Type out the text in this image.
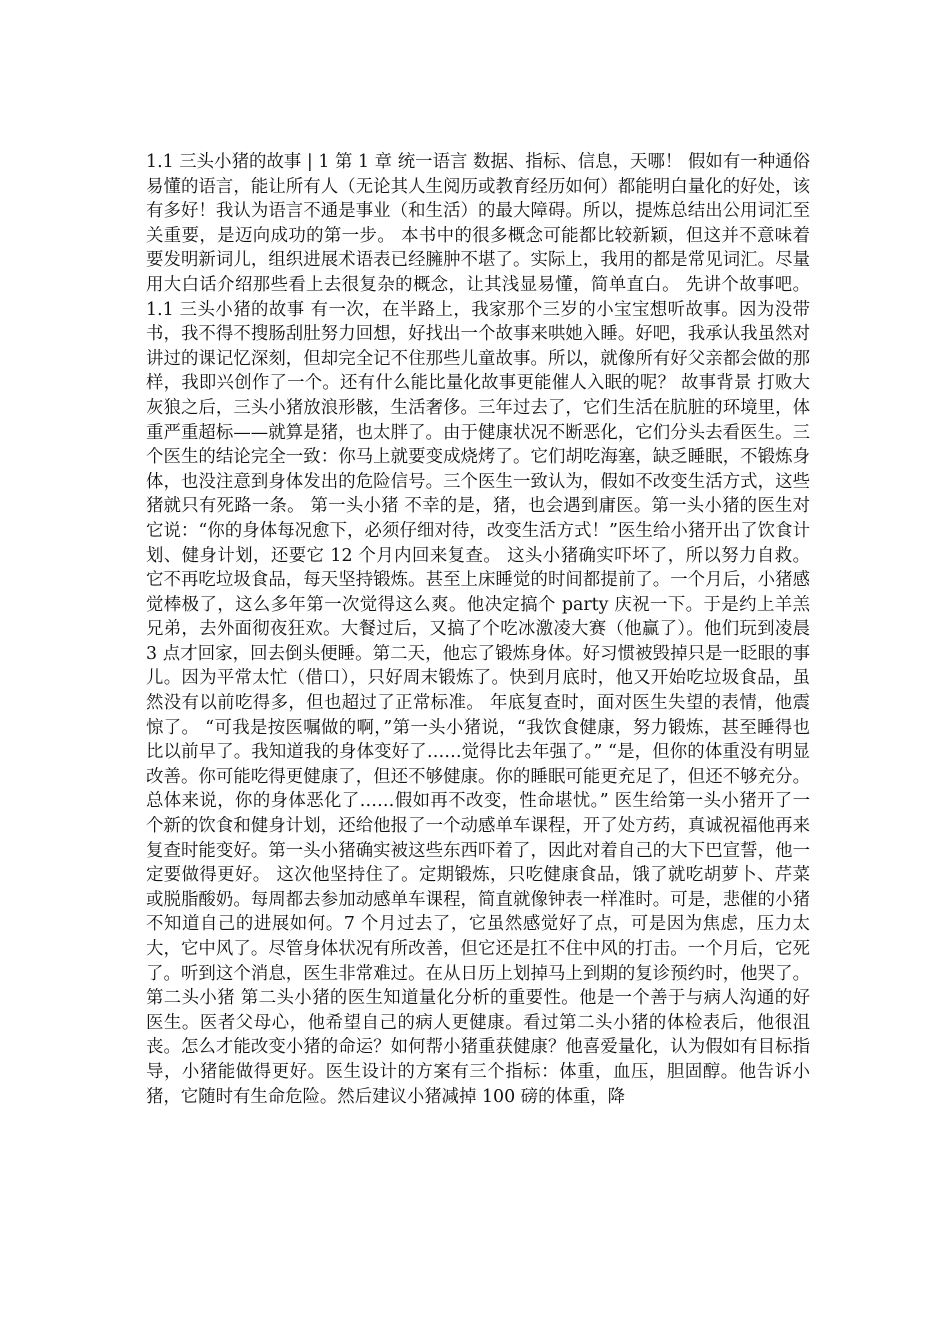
1.1 三头小猪的故事 | 1 第 1 章 统一语言 数据、指标、信息，天哪！ 假如有一种通俗易懂的语言，能让所有人（无论其人生阅历或教育经历如何）都能明白量化的好处，该有多好！我认为语言不通是事业（和生活）的最大障碍。所以，提炼总结出公用词汇至关重要，是迈向成功的第一步。 本书中的很多概念可能都比较新颖，但这并不意味着要发明新词儿，组织进展术语表已经臃肿不堪了。实际上，我用的都是常见词汇。尽量用大白话介绍那些看上去很复杂的概念，让其浅显易懂，简单直白。 先讲个故事吧。 1.1 三头小猪的故事 有一次，在半路上，我家那个三岁的小宝宝想听故事。因为没带书，我不得不搜肠刮肚努力回想，好找出一个故事来哄她入睡。好吧，我承认我虽然对讲过的课记忆深刻，但却完全记不住那些儿童故事。所以，就像所有好父亲都会做的那样，我即兴创作了一个。还有什么能比量化故事更能催人入眠的呢？ 故事背景 打败大灰狼之后，三头小猪放浪形骸，生活奢侈。三年过去了，它们生活在肮脏的环境里，体重严重超标——就算是猪，也太胖了。由于健康状况不断恶化，它们分头去看医生。三个医生的结论完全一致：你马上就要变成烧烤了。它们胡吃海塞，缺乏睡眠，不锻炼身体，也没注意到身体发出的危险信号。三个医生一致认为，假如不改变生活方式，这些猪就只有死路一条。 第一头小猪 不幸的是，猪，也会遇到庸医。第一头小猪的医生对它说：“你的身体每况愈下，必须仔细对待，改变生活方式！”医生给小猪开出了饮食计划、健身计划，还要它 12 个月内回来复查。 这头小猪确实吓坏了，所以努力自救。它不再吃垃圾食品，每天坚持锻炼。甚至上床睡觉的时间都提前了。一个月后，小猪感觉棒极了，这么多年第一次觉得这么爽。他决定搞个 party 庆祝一下。于是约上羊羔兄弟，去外面彻夜狂欢。大餐过后，又搞了个吃冰激凌大赛（他赢了）。他们玩到凌晨 3 点才回家，回去倒头便睡。第二天，他忘了锻炼身体。好习惯被毁掉只是一眨眼的事儿。因为平常太忙（借口），只好周末锻炼了。快到月底时，他又开始吃垃圾食品，虽然没有以前吃得多，但也超过了正常标准。 年底复查时，面对医生失望的表情，他震惊了。 “可我是按医嘱做的啊，”第一头小猪说，“我饮食健康，努力锻炼，甚至睡得也比以前早了。我知道我的身体变好了……觉得比去年强了。” “是，但你的体重没有明显改善。你可能吃得更健康了，但还不够健康。你的睡眠可能更充足了，但还不够充分。总体来说，你的身体恶化了……假如再不改变，性命堪忧。” 医生给第一头小猪开了一个新的饮食和健身计划，还给他报了一个动感单车课程，开了处方药，真诚祝福他再来复查时能变好。第一头小猪确实被这些东西吓着了，因此对着自己的大下巴宣誓，他一定要做得更好。 这次他坚持住了。定期锻炼，只吃健康食品，饿了就吃胡萝卜、芹菜或脱脂酸奶。每周都去参加动感单车课程，简直就像钟表一样准时。可是，悲催的小猪不知道自己的进展如何。7 个月过去了，它虽然感觉好了点，可是因为焦虑，压力太大，它中风了。尽管身体状况有所改善，但它还是扛不住中风的打击。一个月后，它死了。听到这个消息，医生非常难过。在从日历上划掉马上到期的复诊预约时，他哭了。 第二头小猪 第二头小猪的医生知道量化分析的重要性。他是一个善于与病人沟通的好医生。医者父母心，他希望自己的病人更健康。看过第二头小猪的体检表后，他很沮丧。怎么才能改变小猪的命运？如何帮小猪重获健康？他喜爱量化，认为假如有目标指导，小猪能做得更好。医生设计的方案有三个指标：体重，血压，胆固醇。他告诉小猪，它随时有生命危险。然后建议小猪减掉 100 磅的体重，降
